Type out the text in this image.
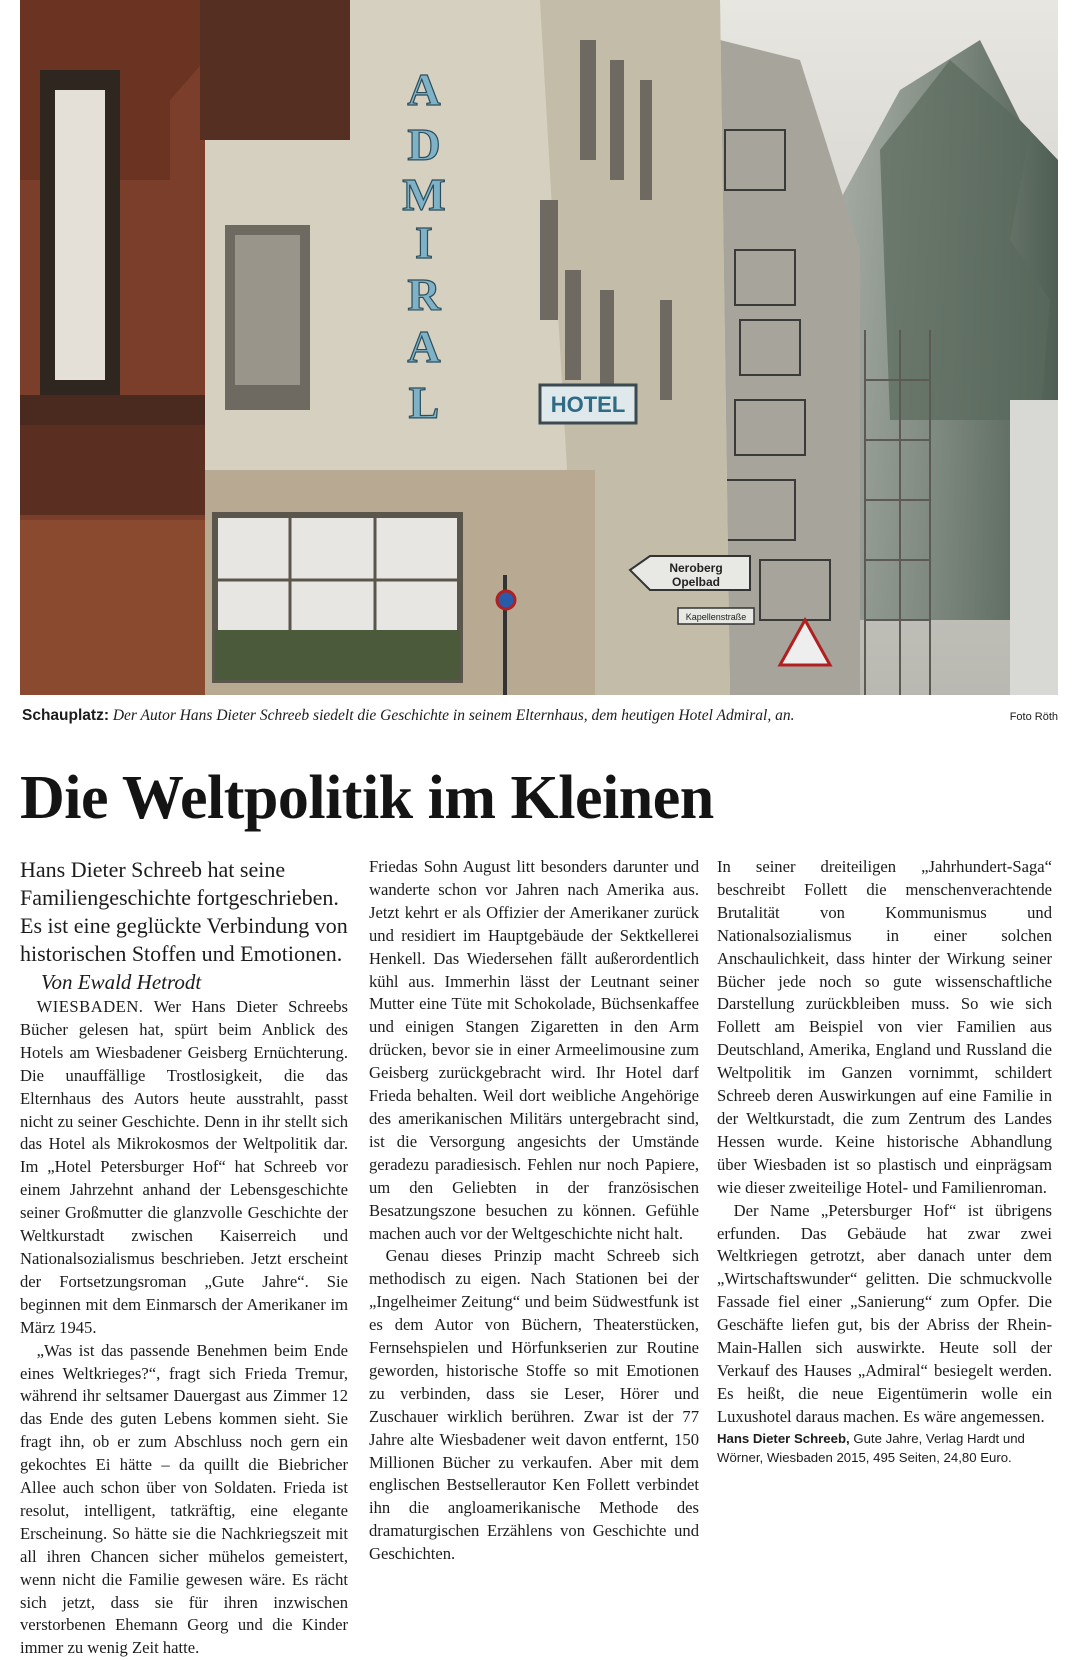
A
D
M
I
R
A
L	HOTEL
Neroberg
Opelbad
Kapellenstraße
Schauplatz: Der Autor Hans Dieter Schreeb siedelt die Geschichte in seinem Elternhaus, dem heutigen Hotel Admiral, an.	Foto Röth
Die Weltpolitik im Kleinen

Hans Dieter Schreeb hat seine Familiengeschichte fortgeschrieben. Es ist eine geglückte Verbindung von historischen Stoffen und Emotionen.

Von Ewald Hetrodt

WIESBADEN. Wer Hans Dieter Schreebs Bücher gelesen hat, spürt beim Anblick des Hotels am Wiesbadener Geisberg Ernüchterung. Die unauffällige Trostlosigkeit, die das Elternhaus des Autors heute ausstrahlt, passt nicht zu seiner Geschichte. Denn in ihr stellt sich das Hotel als Mikrokosmos der Weltpolitik dar. Im „Hotel Petersburger Hof“ hat Schreeb vor einem Jahrzehnt anhand der Lebensgeschichte seiner Großmutter die glanzvolle Geschichte der Weltkurstadt zwischen Kaiserreich und Nationalsozialismus beschrieben. Jetzt erscheint der Fortsetzungsroman „Gute Jahre“. Sie beginnen mit dem Einmarsch der Amerikaner im März 1945.

„Was ist das passende Benehmen beim Ende eines Weltkrieges?“, fragt sich Frieda Tremur, während ihr seltsamer Dauergast aus Zimmer 12 das Ende des guten Lebens kommen sieht. Sie fragt ihn, ob er zum Abschluss noch gern ein gekochtes Ei hätte – da quillt die Biebricher Allee auch schon über von Soldaten. Frieda ist resolut, intelligent, tatkräftig, eine elegante Erscheinung. So hätte sie die Nachkriegszeit mit all ihren Chancen sicher mühelos gemeistert, wenn nicht die Familie gewesen wäre. Es rächt sich jetzt, dass sie für ihren inzwischen verstorbenen Ehemann Georg und die Kinder immer zu wenig Zeit hatte.

Friedas Sohn August litt besonders darunter und wanderte schon vor Jahren nach Amerika aus. Jetzt kehrt er als Offizier der Amerikaner zurück und residiert im Hauptgebäude der Sektkellerei Henkell. Das Wiedersehen fällt außerordentlich kühl aus. Immerhin lässt der Leutnant seiner Mutter eine Tüte mit Schokolade, Büchsenkaffee und einigen Stangen Zigaretten in den Arm drücken, bevor sie in einer Armeelimousine zum Geisberg zurückgebracht wird. Ihr Hotel darf Frieda behalten. Weil dort weibliche Angehörige des amerikanischen Militärs untergebracht sind, ist die Versorgung angesichts der Umstände geradezu paradiesisch. Fehlen nur noch Papiere, um den Geliebten in der französischen Besatzungszone besuchen zu können. Gefühle machen auch vor der Weltgeschichte nicht halt.

Genau dieses Prinzip macht Schreeb sich methodisch zu eigen. Nach Stationen bei der „Ingelheimer Zeitung“ und beim Südwestfunk ist es dem Autor von Büchern, Theaterstücken, Fernsehspielen und Hörfunkserien zur Routine geworden, historische Stoffe so mit Emotionen zu verbinden, dass sie Leser, Hörer und Zuschauer wirklich berühren. Zwar ist der 77 Jahre alte Wiesbadener weit davon entfernt, 150 Millionen Bücher zu verkaufen. Aber mit dem englischen Bestsellerautor Ken Follett verbindet ihn die angloamerikanische Methode des dramaturgischen Erzählens von Geschichte und Geschichten.

In seiner dreiteiligen „Jahrhundert-Saga“ beschreibt Follett die menschenverachtende Brutalität von Kommunismus und Nationalsozialismus in einer solchen Anschaulichkeit, dass hinter der Wirkung seiner Bücher jede noch so gute wissenschaftliche Darstellung zurückbleiben muss. So wie sich Follett am Beispiel von vier Familien aus Deutschland, Amerika, England und Russland die Weltpolitik im Ganzen vornimmt, schildert Schreeb deren Auswirkungen auf eine Familie in der Weltkurstadt, die zum Zentrum des Landes Hessen wurde. Keine historische Abhandlung über Wiesbaden ist so plastisch und einprägsam wie dieser zweiteilige Hotel- und Familienroman.

Der Name „Petersburger Hof“ ist übrigens erfunden. Das Gebäude hat zwar zwei Weltkriegen getrotzt, aber danach unter dem „Wirtschaftswunder“ gelitten. Die schmuckvolle Fassade fiel einer „Sanierung“ zum Opfer. Die Geschäfte liefen gut, bis der Abriss der Rhein-Main-Hallen sich auswirkte. Heute soll der Verkauf des Hauses „Admiral“ besiegelt werden. Es heißt, die neue Eigentümerin wolle ein Luxushotel daraus machen. Es wäre angemessen.

Hans Dieter Schreeb, Gute Jahre, Verlag Hardt und Wörner, Wiesbaden 2015, 495 Seiten, 24,80 Euro.
